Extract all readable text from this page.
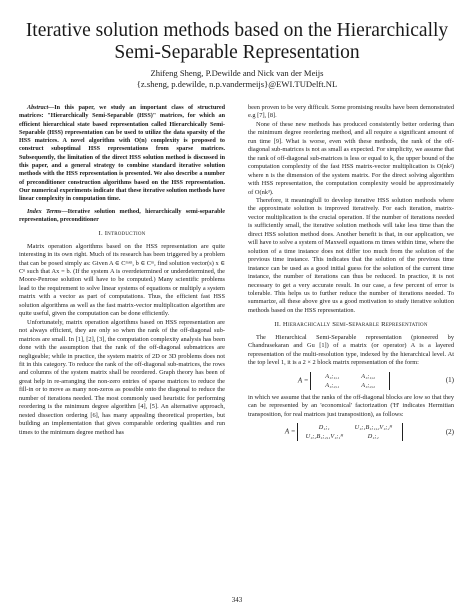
Iterative solution methods based on the Hierarchically Semi-Separable Representation
Zhifeng Sheng, P.Dewilde and Nick van der Meijs
{z.sheng, p.dewilde, n.p.vandermeijs}@EWI.TUDelft.NL

Abstract—In this paper, we study an important class of structured matrices: "Hierarchically Semi-Separable (HSS)" matrices, for which an efficient hierarchical state based representation called Hierarchically Semi-Separable (HSS) representation can be used to utilize the data sparsity of the HSS matrices. A novel algorithm with O(n) complexity is proposed to construct suboptimal HSS representations from sparse matrices. Subsequently, the limitation of the direct HSS solution method is discussed in this paper, and a general strategy to combine standard iterative solution methods with the HSS representation is presented. We also describe a number of preconditioner construction algorithms based on the HSS representation. Our numerical experiments indicate that these iterative solution methods have linear complexity in computation time.

Index Terms—Iterative solution method, hierarchically semi-separable representation, preconditioner

I. Introduction

Matrix operation algorithms based on the HSS representation are quite interesting in its own right. Much of its research has been triggered by a problem that can be posed simply as: Given A ∈ Cᵐˣⁿ, b ∈ Cᵐ, find solution vector(s) x ∈ Cⁿ such that Ax = b. (If the system A is overdetermined or underdetermined, the Moore-Penrose solution will have to be computed.) Many scientific problems lead to the requirement to solve linear systems of equations or multiply a system matrix with a vector as part of computations. Thus, the efficient fast HSS solution algorithms as well as the fast matrix-vector multiplication algorithm are quite useful, given the computation can be done efficiently.

Unfortunately, matrix operation algorithms based on HSS representation are not always efficient, they are only so when the rank of the off-diagonal sub-matrices are small. In [1], [2], [3], the computation complexity analysis has been done with the assumption that the rank of the off-diagonal submatrices are negligeable; while in practice, the system matrix of 2D or 3D problems does not fit in this category. To reduce the rank of the off-diagonal sub-matrices, the rows and columns of the system matrix shall be reordered. Graph theory has been of great help in re-arranging the non-zero entries of sparse matrices to reduce the fill-in or to move as many non-zeros as possible onto the diagonal to reduce the number of iterations needed. The most commonly used heuristic for performing reordering is the minimum degree algorithm [4], [5]. An alternative approach, nested dissection ordering [6], has many appealing theoretical properties, but building an implementation that gives comparable ordering qualities and run times to the minimum degree method has

been proven to be very difficult. Some promising results have been demonstrated e.g [7], [8].

None of these new methods has produced consistently better ordering than the minimum degree reordering method, and all require a significant amount of run time [9]. What is worse, even with these methods, the rank of the off-diagonal sub-matrices is not as small as expected. For simplicity, we assume that the rank of off-diagonal sub-matrices is less or equal to k, the upper bound of the computation complexity of the fast HSS matrix-vector multiplication is O(nk²) where n is the dimension of the system matrix. For the direct solving algorithm with HSS representation, the computation complexity would be approximately of O(nk³).

Therefore, it meaningfull to develop iterative HSS solution methods where the approximate solution is improved iteratively. For each iteration, matrix-vector multiplication is the crucial operation. If the number of iterations needed is sufficiently small, the iterative solution methods will take less time than the direct HSS solution method does. Another benefit is that, in our application, we will have to solve a system of Maxwell equations m times within time, where the solution of a time instance does not differ too much from the solution of the previous time instance. This indicates that the solution of the previous time instance can be used as a good initial guess for the solution of the current time instance, the number of iterations can thus be reduced. In practice, it is not necessary to get a very accurate result. In our case, a few percent of error is tolerable. This helps us to further reduce the number of iterations needed. To summarize, all these above give us a good motivation to study iterative solution methods based on the HSS representation.

II. Hierarchically Semi-Separable Representation

The Hierarchical Semi-Separable representation (pioneered by Chandrasekaran and Gu [1]) of a matrix (or operator) A is a layered representation of the multi-resolution type, indexed by the hierarchical level. At the top level 1, it is a 2 × 2 block matrix representation of the form:

A = A₁;₁,₁	A₁;₁,₂
A₁;₂,₁	A₁;₂,₂
(1)

in which we assume that the ranks of the off-diagonal blocks are low so that they can be represented by an 'economical' factorization ('H' indicates Hermitian transposition, for real matrices just transposition), as follows:

A = D₁;₁	U₁;₁B₁;₁,₂V₁;₂ᴴ
U₁;₂B₁;₂,₁V₁;₁ᴴ	D₁;₂
(2)
343
